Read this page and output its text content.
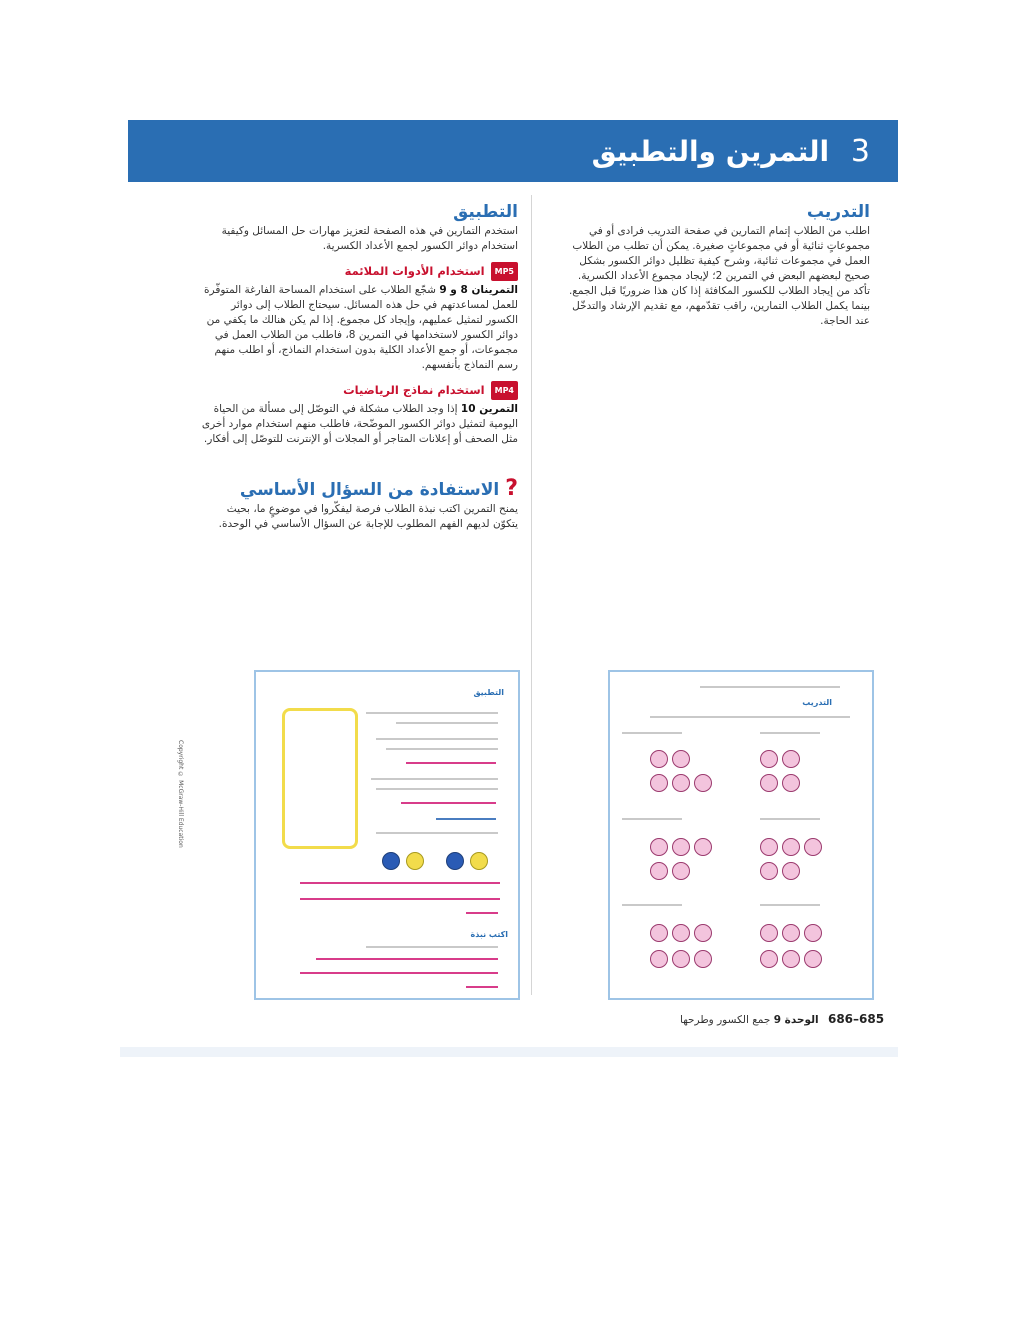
3 التمرين والتطبيق
التدريب

اطلب من الطلاب إتمام التمارين في صفحة التدريب فرادى أو في مجموعاتٍ ثنائية أو في مجموعاتٍ صغيرة. يمكن أن تطلب من الطلاب العمل في مجموعات ثنائية، وشرح كيفية تظليل دوائر الكسور بشكل صحيح لبعضهم البعض في التمرين 2؛ لإيجاد مجموع الأعداد الكسرية. تأكد من إيجاد الطلاب للكسور المكافئة إذا كان هذا ضروريًا قبل الجمع. بينما يكمل الطلاب التمارين، راقب تقدّمهم، مع تقديم الإرشاد والتدخّل عند الحاجة.

التطبيق

استخدم التمارين في هذه الصفحة لتعزيز مهارات حل المسائل وكيفية استخدام دوائر الكسور لجمع الأعداد الكسرية.

MP5
استخدام الأدوات الملائمة

التمرينان 8 و 9 شجّع الطلاب على استخدام المساحة الفارغة المتوفّرة للعمل لمساعدتهم في حل هذه المسائل. سيحتاج الطلاب إلى دوائر الكسور لتمثيل عمليهم، وإيجاد كل مجموع. إذا لم يكن هنالك ما يكفي من دوائر الكسور لاستخدامها في التمرين 8، فاطلب من الطلاب العمل في مجموعات، أو جمع الأعداد الكلية بدون استخدام النماذج، أو اطلب منهم رسم النماذج بأنفسهم.

MP4
استخدام نماذج الرياضيات

التمرين 10 إذا وجد الطلاب مشكلة في التوصّل إلى مسألة من الحياة اليومية لتمثيل دوائر الكسور الموضّحة، فاطلب منهم استخدام موارد أخرى مثل الصحف أو إعلانات المتاجر أو المجلات أو الإنترنت للتوصّل إلى أفكار.

?الاستفادة من السؤال الأساسي

يمنح التمرين اكتب نبذة الطلاب فرصة ليفكّروا في موضوعٍ ما، بحيث يتكوّن لديهم الفهم المطلوب للإجابة عن السؤال الأساسي في الوحدة.

التطبيق
اكتب نبذة
التدريب
Copyright © McGraw-Hill Education
685–686 الوحدة 9 جمع الكسور وطرحها
